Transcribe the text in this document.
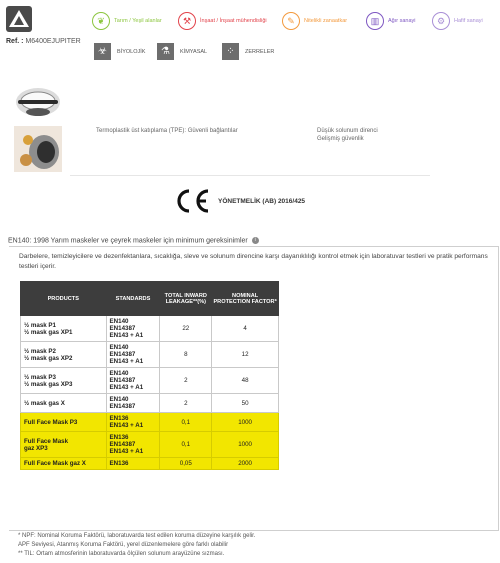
Ref. : M6400EJUPITER
❦	Tarım / Yeşil alanlar	⚒	İnşaat / İnşaat mühendisliği	✎	Nitelikli zanaatkar	▥	Ağır sanayi	⚙	Hafif sanayi
☣	BİYOLOJİK	⚗	KİMYASAL	⁘	ZERRELER
Termoplastik üst katıplama (TPE): Güvenli bağlantılar	Düşük solunum direnci
Gelişmiş güvenlik
YÖNETMELİK (AB) 2016/425
EN140: 1998 Yarım maskeler ve çeyrek maskeler için minimum gereksinimler i
Darbelere, temizleyicilere ve dezenfektanlara, sıcaklığa, sleve ve solunum direncine karşı dayanıklılığı kontrol etmek için laboratuvar testleri ve pratik performans testleri içerir.
PRODUCTS	STANDARDS	TOTAL INWARD LEAKAGE**(%)	NOMINAL PROTECTION FACTOR*

½ mask P1
½ mask gas XP1	EN140
EN14387
EN143 + A1	22	4

½ mask P2
½ mask gas XP2	EN140
EN14387
EN143 + A1	8	12

½ mask P3
½ mask gas XP3	EN140
EN14387
EN143 + A1	2	48

½ mask gas X	EN140
EN14387	2	50

Full Face Mask P3	EN136
EN143 + A1	0,1	1000

Full Face Mask
gaz XP3	EN136
EN14387
EN143 + A1	0,1	1000

Full Face Mask gaz X	EN136	0,05	2000
* NPF: Nominal Koruma Faktörü, laboratuvarda test edilen koruma düzeyine karşılık gelir.
APF Seviyesi, Atanmış Koruma Faktörü, yerel düzenlemelere göre farklı olabilir
** TIL: Ortam atmosferinin laboratuvarda ölçülen solunum arayüzüne sızması.
